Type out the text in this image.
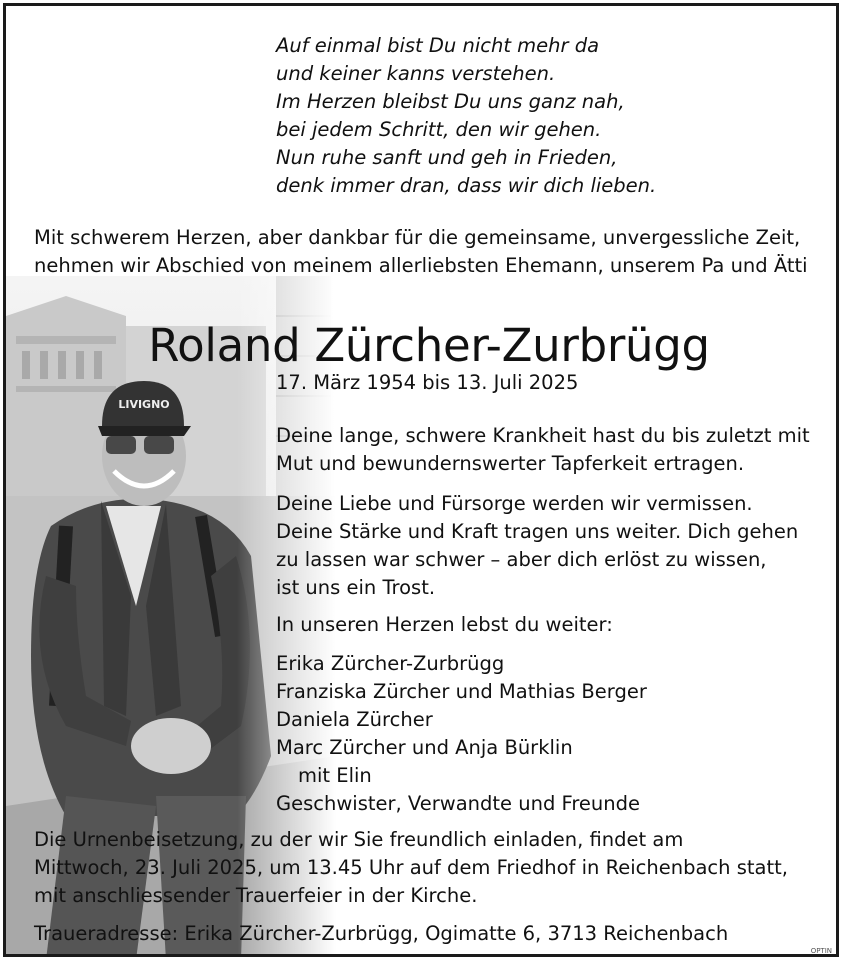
Auf einmal bist Du nicht mehr da
und keiner kanns verstehen.
Im Herzen bleibst Du uns ganz nah,
bei jedem Schritt, den wir gehen.
Nun ruhe sanft und geh in Frieden,
denk immer dran, dass wir dich lieben.
Mit schwerem Herzen, aber dankbar für die gemeinsame, unvergessliche Zeit,
nehmen wir Abschied von meinem allerliebsten Ehemann, unserem Pa und Ätti
Roland Zürcher-Zurbrügg
17. März 1954 bis 13. Juli 2025
Deine lange, schwere Krankheit hast du bis zuletzt mit
Mut und bewundernswerter Tapferkeit ertragen.
Deine Liebe und Fürsorge werden wir vermissen.
Deine Stärke und Kraft tragen uns weiter. Dich gehen
zu lassen war schwer – aber dich erlöst zu wissen,
ist uns ein Trost.
In unseren Herzen lebst du weiter:
Erika Zürcher-Zurbrügg
Franziska Zürcher und Mathias Berger
Daniela Zürcher
Marc Zürcher und Anja Bürklin
mit Elin
Geschwister, Verwandte und Freunde
Die Urnenbeisetzung, zu der wir Sie freundlich einladen, findet am
Mittwoch, 23. Juli 2025, um 13.45 Uhr auf dem Friedhof in Reichenbach statt,
mit anschliessender Trauerfeier in der Kirche.
Traueradresse: Erika Zürcher-Zurbrügg, Ogimatte 6, 3713 Reichenbach
OPTIN
